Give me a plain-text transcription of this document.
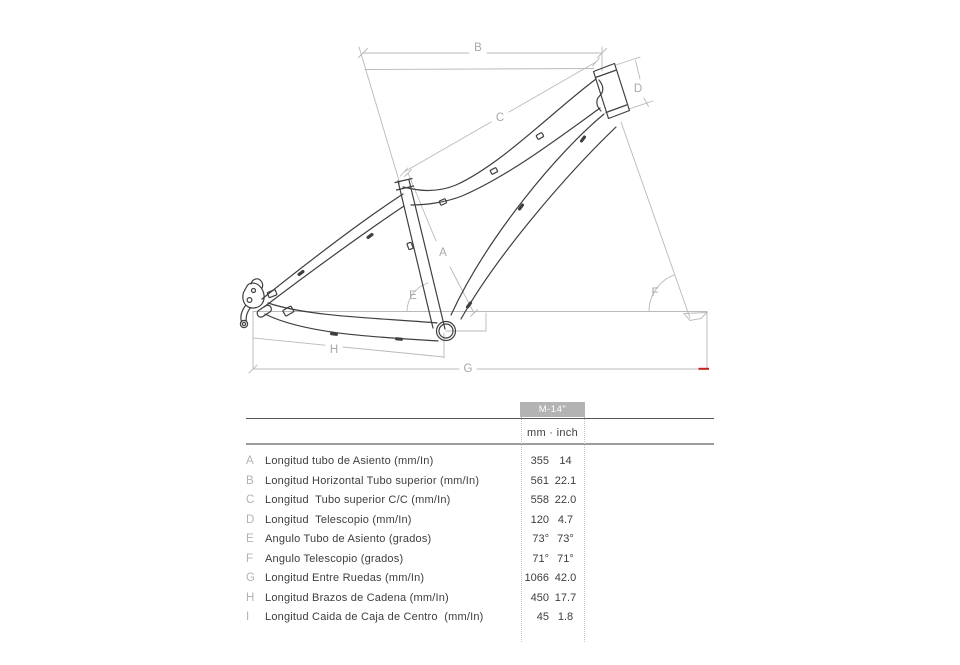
A
B
C
D
E	F
G
H
M-14"
mm · inch
A	Longitud tubo de Asiento (mm/In)	355 14
B	Longitud Horizontal Tubo superior (mm/In)	561 22.1
C Longitud  Tubo superior C/C (mm/In)	558 22.0
D Longitud  Telescopio (mm/In)	120 4.7
E	Angulo Tubo de Asiento (grados)	73° 73°
F	Angulo Telescopio (grados)	71° 71°
G Longitud Entre Ruedas (mm/In)	1066 42.0
H Longitud Brazos de Cadena (mm/In)	450 17.7
I	Longitud Caida de Caja de Centro  (mm/In)	45 1.8
